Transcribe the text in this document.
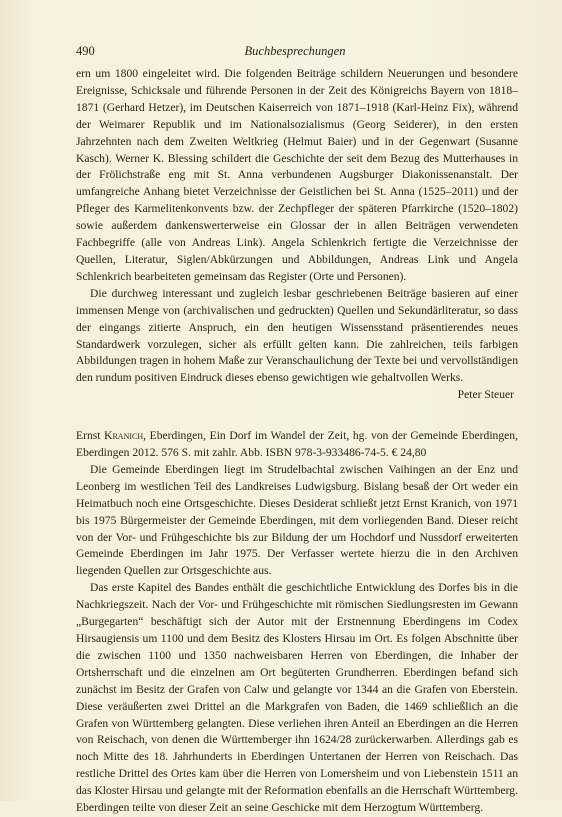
490	Buchbesprechungen

ern um 1800 eingeleitet wird. Die folgenden Beiträge schildern Neuerungen und besondere Ereignisse, Schicksale und führende Personen in der Zeit des Königreichs Bayern von 1818–1871 (Gerhard Hetzer), im Deutschen Kaiserreich von 1871–1918 (Karl-Heinz Fix), während der Weimarer Republik und im Nationalsozialismus (Georg Seiderer), in den ersten Jahrzehnten nach dem Zweiten Weltkrieg (Helmut Baier) und in der Gegenwart (Susanne Kasch). Werner K. Blessing schildert die Geschichte der seit dem Bezug des Mutterhauses in der Frölichstraße eng mit St. Anna verbundenen Augsburger Diakonissenanstalt. Der umfangreiche Anhang bietet Verzeichnisse der Geistlichen bei St. Anna (1525–2011) und der Pfleger des Karmelitenkonvents bzw. der Zechpfleger der späteren Pfarrkirche (1520–1802) sowie außerdem dankenswerterweise ein Glossar der in allen Beiträgen verwendeten Fachbegriffe (alle von Andreas Link). Angela Schlenkrich fertigte die Verzeichnisse der Quellen, Literatur, Siglen/Abkürzungen und Abbildungen, Andreas Link und Angela Schlenkrich bearbeiteten gemeinsam das Register (Orte und Personen).

Die durchweg interessant und zugleich lesbar geschriebenen Beiträge basieren auf einer immensen Menge von (archivalischen und gedruckten) Quellen und Sekundärliteratur, so dass der eingangs zitierte Anspruch, ein den heutigen Wissensstand präsentierendes neues Standardwerk vorzulegen, sicher als erfüllt gelten kann. Die zahlreichen, teils farbigen Abbildungen tragen in hohem Maße zur Veranschaulichung der Texte bei und vervollständigen den rundum positiven Eindruck dieses ebenso gewichtigen wie gehaltvollen Werks.

Peter Steuer

Ernst Kranich, Eberdingen, Ein Dorf im Wandel der Zeit, hg. von der Gemeinde Eberdingen, Eberdingen 2012. 576 S. mit zahlr. Abb. ISBN 978-3-933486-74-5. € 24,80

Die Gemeinde Eberdingen liegt im Strudelbachtal zwischen Vaihingen an der Enz und Leonberg im westlichen Teil des Landkreises Ludwigsburg. Bislang besaß der Ort weder ein Heimatbuch noch eine Ortsgeschichte. Dieses Desiderat schließt jetzt Ernst Kranich, von 1971 bis 1975 Bürgermeister der Gemeinde Eberdingen, mit dem vorliegenden Band. Dieser reicht von der Vor- und Frühgeschichte bis zur Bildung der um Hochdorf und Nussdorf erweiterten Gemeinde Eberdingen im Jahr 1975. Der Verfasser wertete hierzu die in den Archiven liegenden Quellen zur Ortsgeschichte aus.

Das erste Kapitel des Bandes enthält die geschichtliche Entwicklung des Dorfes bis in die Nachkriegszeit. Nach der Vor- und Frühgeschichte mit römischen Siedlungsresten im Gewann „Burgegarten“ beschäftigt sich der Autor mit der Erstnennung Eberdingens im Codex Hirsaugiensis um 1100 und dem Besitz des Klosters Hirsau im Ort. Es folgen Abschnitte über die zwischen 1100 und 1350 nachweisbaren Herren von Eberdingen, die Inhaber der Ortsherrschaft und die einzelnen am Ort begüterten Grundherren. Eberdingen befand sich zunächst im Besitz der Grafen von Calw und gelangte vor 1344 an die Grafen von Eberstein. Diese veräußerten zwei Drittel an die Markgrafen von Baden, die 1469 schließlich an die Grafen von Württemberg gelangten. Diese verliehen ihren Anteil an Eberdingen an die Herren von Reischach, von denen die Württemberger ihn 1624/28 zurückerwarben. Allerdings gab es noch Mitte des 18. Jahrhunderts in Eberdingen Untertanen der Herren von Reischach. Das restliche Drittel des Ortes kam über die Herren von Lomersheim und von Liebenstein 1511 an das Kloster Hirsau und gelangte mit der Reformation ebenfalls an die Herrschaft Württemberg. Eberdingen teilte von dieser Zeit an seine Geschicke mit dem Herzogtum Württemberg.
